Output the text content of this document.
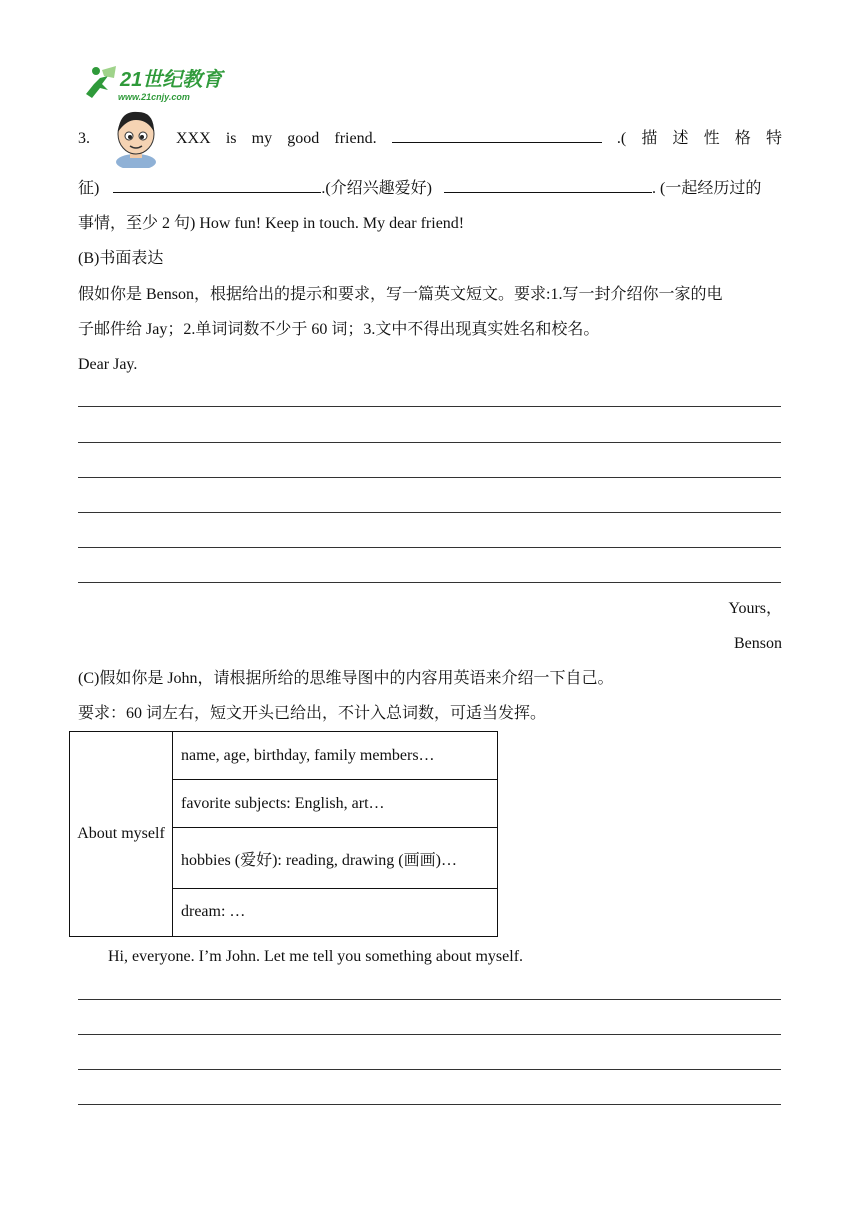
21世纪教育
www.21cnjy.com
3.	XXX is my good friend.	.( 描 述 性 格 特
征)	.(介绍兴趣爱好)	. (一起经历过的
事情，至少 2 句) How fun! Keep in touch. My dear friend!
(B)书面表达
假如你是 Benson，根据给出的提示和要求，写一篇英文短文。要求:1.写一封介绍你一家的电
子邮件给 Jay；2.单词词数不少于 60 词；3.文中不得出现真实姓名和校名。
Dear Jay.
Yours，
Benson
(C)假如你是 John，请根据所给的思维导图中的内容用英语来介绍一下自己。
要求：60 词左右，短文开头已给出，不计入总词数，可适当发挥。
About myself	name, age, birthday, family members…
favorite subjects: English, art…
hobbies (爱好): reading, drawing (画画)…
dream: …
Hi, everyone. I’m John. Let me tell you something about myself.
